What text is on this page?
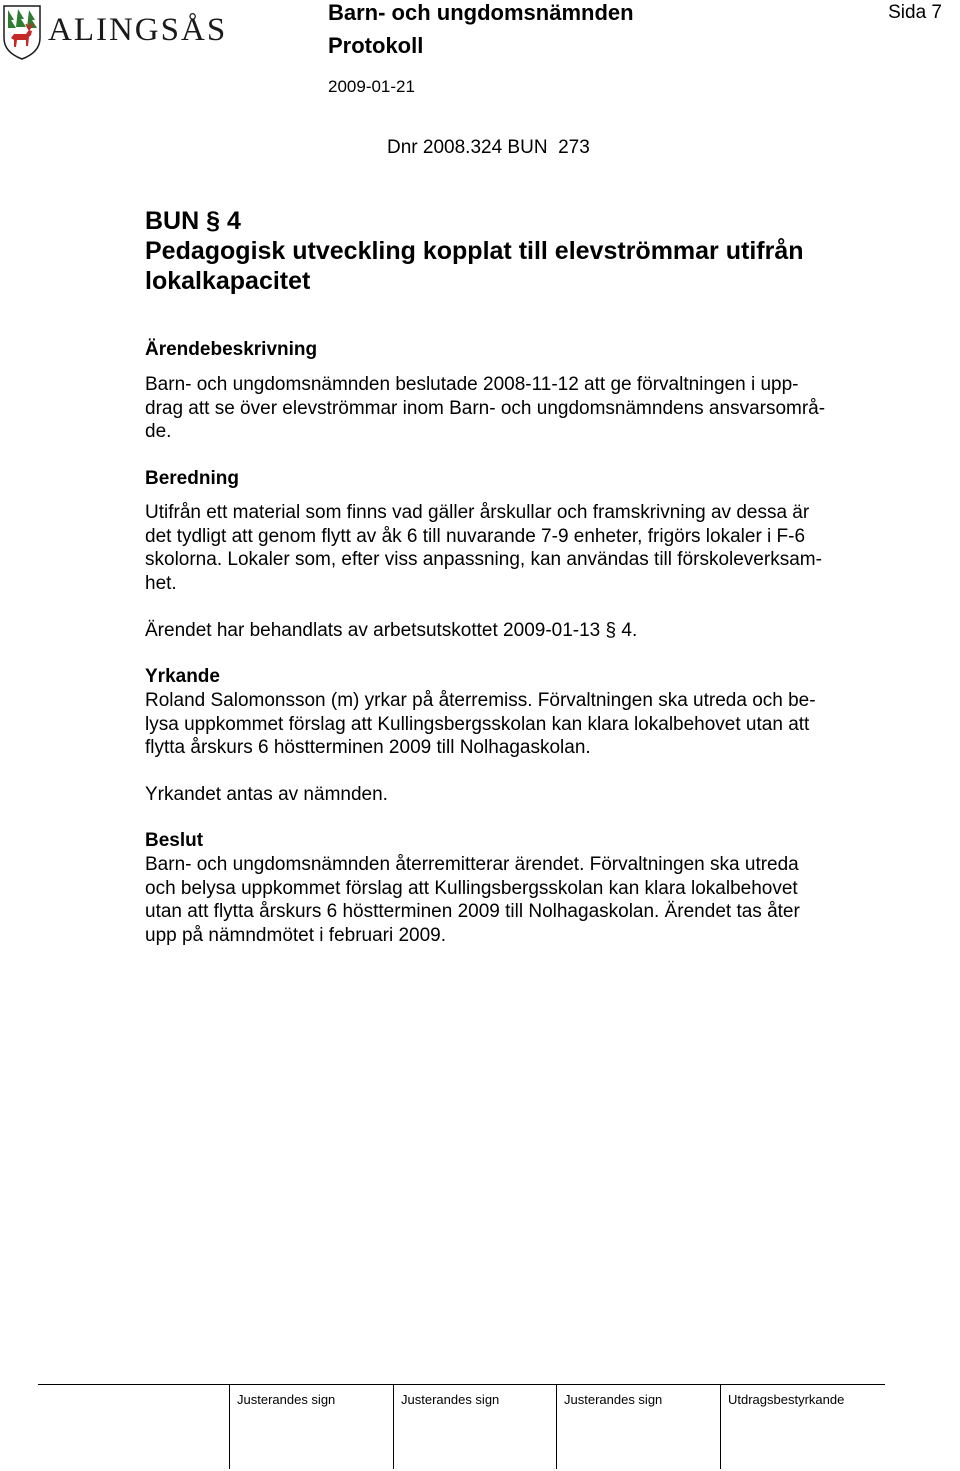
ALINGSÅS	Barn- och ungdomsnämnden
Protokoll
2009-01-21
Sida 7
Dnr 2008.324 BUN  273
BUN § 4
Pedagogisk utveckling kopplat till elevströmmar utifrån
lokalkapacitet
Ärendebeskrivning
Barn- och ungdomsnämnden beslutade 2008-11-12 att ge förvaltningen i upp-
drag att se över elevströmmar inom Barn- och ungdomsnämndens ansvarsområ-
de.
Beredning
Utifrån ett material som finns vad gäller årskullar och framskrivning av dessa är
det tydligt att genom flytt av åk 6 till nuvarande 7-9 enheter, frigörs lokaler i F-6
skolorna. Lokaler som, efter viss anpassning, kan användas till förskoleverksam-
het.
Ärendet har behandlats av arbetsutskottet 2009-01-13 § 4.
Yrkande
Roland Salomonsson (m) yrkar på återremiss. Förvaltningen ska utreda och be-
lysa uppkommet förslag att Kullingsbergsskolan kan klara lokalbehovet utan att
flytta årskurs 6 höstterminen 2009 till Nolhagaskolan.
Yrkandet antas av nämnden.
Beslut
Barn- och ungdomsnämnden återremitterar ärendet. Förvaltningen ska utreda
och belysa uppkommet förslag att Kullingsbergsskolan kan klara lokalbehovet
utan att flytta årskurs 6 höstterminen 2009 till Nolhagaskolan. Ärendet tas åter
upp på nämndmötet i februari 2009.
Justerandes sign	Justerandes sign	Justerandes sign	Utdragsbestyrkande
